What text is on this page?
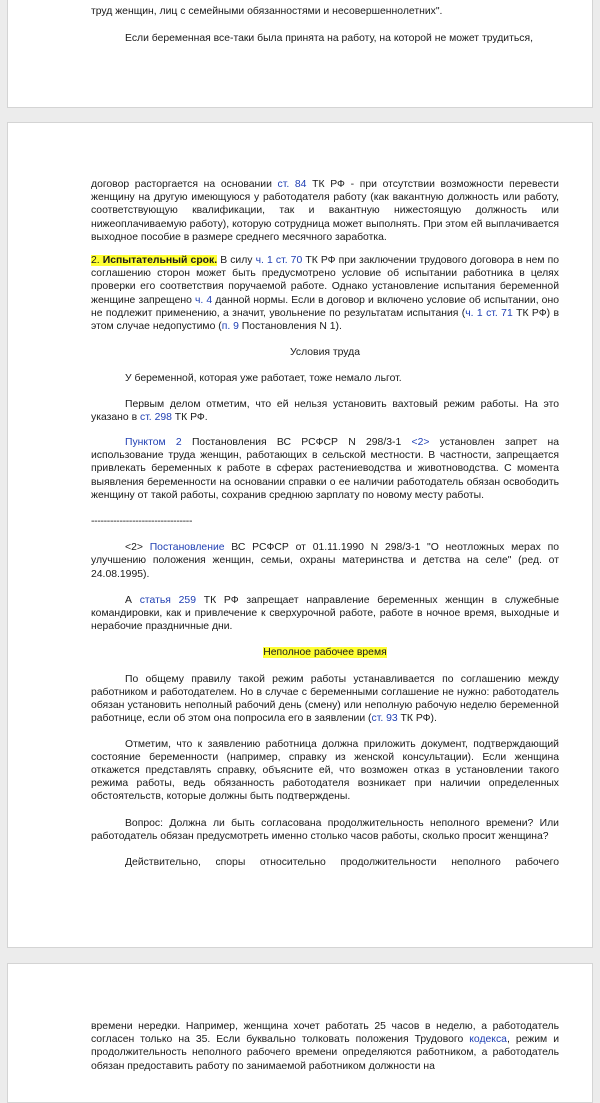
труд женщин, лиц с семейными обязанностями и несовершеннолетних".

Если беременная все-таки была принята на работу, на которой не может трудиться,

договор расторгается на основании ст. 84 ТК РФ - при отсутствии возможности перевести женщину на другую имеющуюся у работодателя работу (как вакантную должность или работу, соответствующую квалификации, так и вакантную нижестоящую должность или нижеоплачиваемую работу), которую сотрудница может выполнять. При этом ей выплачивается выходное пособие в размере среднего месячного заработка.

2. Испытательный срок. В силу ч. 1 ст. 70 ТК РФ при заключении трудового договора в нем по соглашению сторон может быть предусмотрено условие об испытании работника в целях проверки его соответствия поручаемой работе. Однако установление испытания беременной женщине запрещено ч. 4 данной нормы. Если в договор и включено условие об испытании, оно не подлежит применению, а значит, увольнение по результатам испытания (ч. 1 ст. 71 ТК РФ) в этом случае недопустимо (п. 9 Постановления N 1).

Условия труда

У беременной, которая уже работает, тоже немало льгот.

Первым делом отметим, что ей нельзя установить вахтовый режим работы. На это указано в ст. 298 ТК РФ.

Пунктом 2 Постановления ВС РСФСР N 298/3-1 <2> установлен запрет на использование труда женщин, работающих в сельской местности. В частности, запрещается привлекать беременных к работе в сферах растениеводства и животноводства. С момента выявления беременности на основании справки о ее наличии работодатель обязан освободить женщину от такой работы, сохранив среднюю зарплату по новому месту работы.

--------------------------------

<2> Постановление ВС РСФСР от 01.11.1990 N 298/3-1 "О неотложных мерах по улучшению положения женщин, семьи, охраны материнства и детства на селе" (ред. от 24.08.1995).

А статья 259 ТК РФ запрещает направление беременных женщин в служебные командировки, как и привлечение к сверхурочной работе, работе в ночное время, выходные и нерабочие праздничные дни.

Неполное рабочее время

По общему правилу такой режим работы устанавливается по соглашению между работником и работодателем. Но в случае с беременными соглашение не нужно: работодатель обязан установить неполный рабочий день (смену) или неполную рабочую неделю беременной работнице, если об этом она попросила его в заявлении (ст. 93 ТК РФ).

Отметим, что к заявлению работница должна приложить документ, подтверждающий состояние беременности (например, справку из женской консультации). Если женщина откажется представлять справку, объясните ей, что возможен отказ в установлении такого режима работы, ведь обязанность работодателя возникает при наличии определенных обстоятельств, которые должны быть подтверждены.

Вопрос: Должна ли быть согласована продолжительность неполного времени? Или работодатель обязан предусмотреть именно столько часов работы, сколько просит женщина?

Действительно, споры относительно продолжительности неполного рабочего

времени нередки. Например, женщина хочет работать 25 часов в неделю, а работодатель согласен только на 35. Если буквально толковать положения Трудового кодекса, режим и продолжительность неполного рабочего времени определяются работником, а работодатель обязан предоставить работу по занимаемой работником должности на
